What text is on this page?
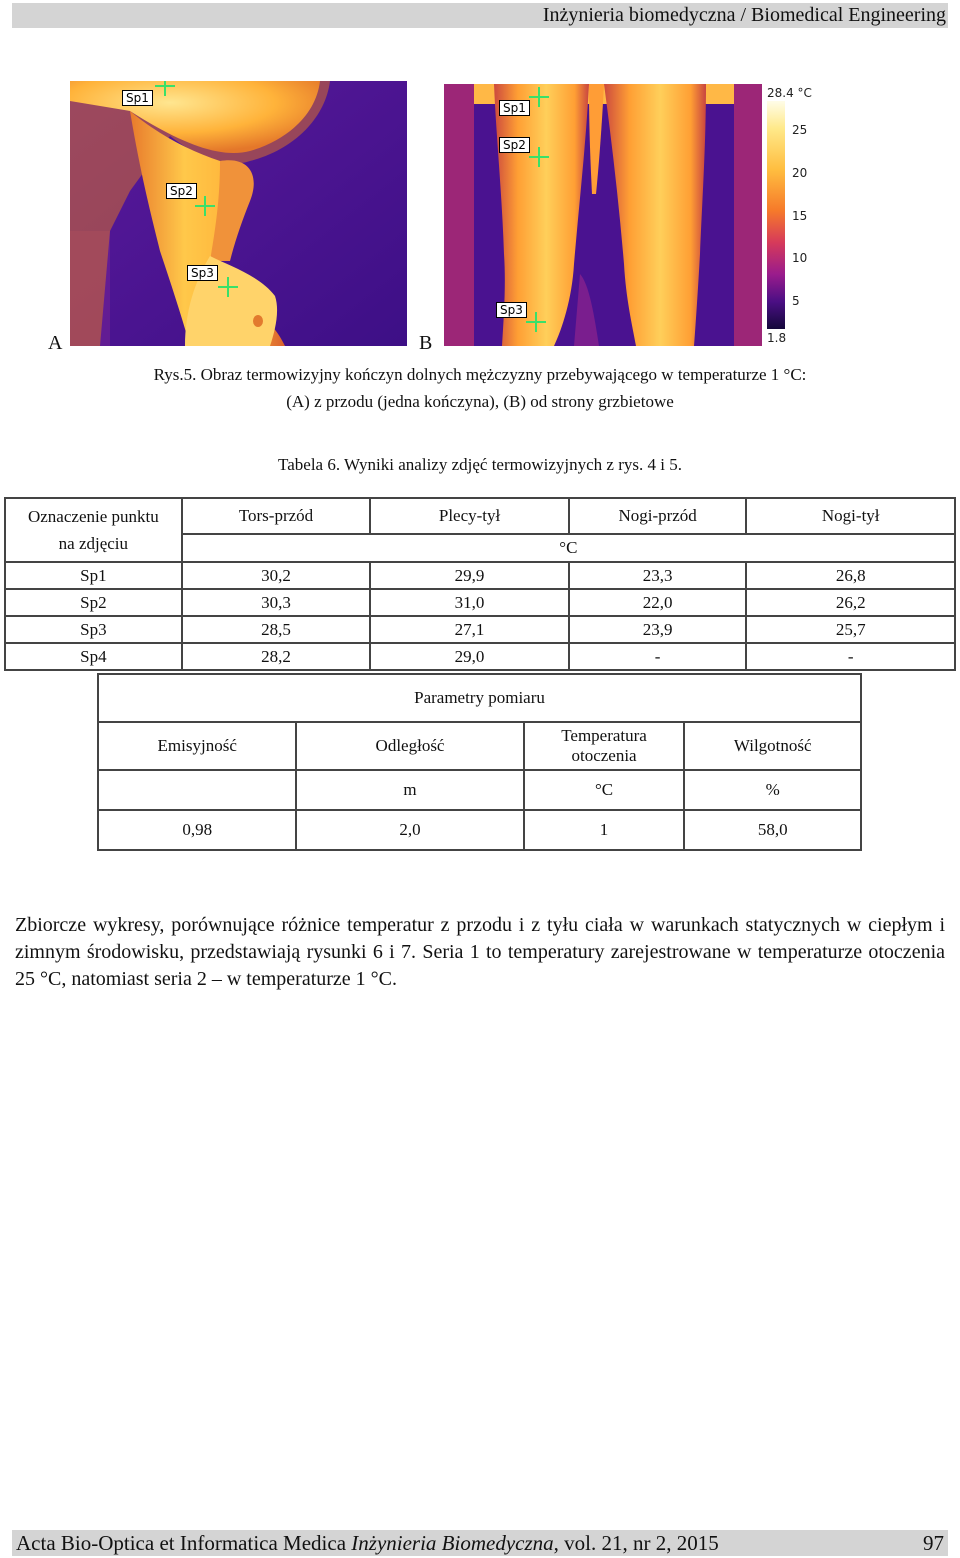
Inżynieria biomedyczna / Biomedical Engineering
Sp1
Sp2
Sp3
Sp1
Sp2
Sp3
28.4 °C
25
20
15
10
5
1.8
A	B
Rys.5. Obraz termowizyjny kończyn dolnych mężczyzny przebywającego w temperaturze 1 °C:
(A) z przodu (jedna kończyna), (B) od strony grzbietowe
Tabela 6. Wyniki analizy zdjęć termowizyjnych z rys. 4 i 5.
Oznaczenie punktu
na zdjęciu	Tors-przód	Plecy-tył	Nogi-przód	Nogi-tył
	°C			
Sp1	30,2	29,9	23,3	26,8
Sp2	30,3	31,0	22,0	26,2
Sp3	28,5	27,1	23,9	25,7
Sp4	28,2	29,0	-	-
Parametry pomiaru			
Emisyjność	Odległość	Temperatura otoczenia	Wilgotność
	m	°C	%
0,98	2,0	1	58,0
Zbiorcze wykresy, porównujące różnice temperatur z przodu i z tyłu ciała w warunkach statycznych w ciepłym i zimnym środowisku, przedstawiają rysunki 6 i 7. Seria 1 to temperatury zarejestrowane w temperaturze otoczenia 25 °C, natomiast seria 2 – w temperaturze 1 °C.
Acta Bio-Optica et Informatica Medica Inżynieria Biomedyczna, vol. 21, nr 2, 2015	97
